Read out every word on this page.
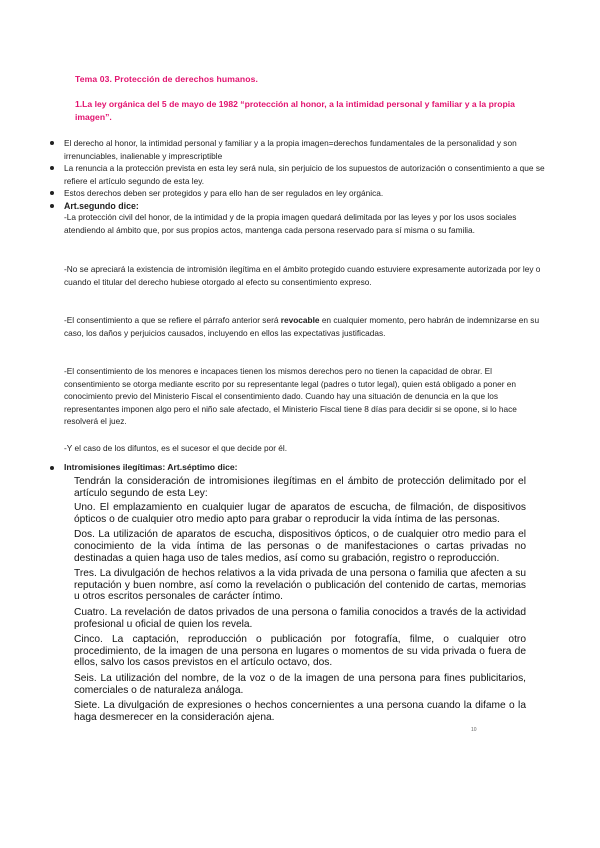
Tema 03. Protección de derechos humanos.

1.La ley orgánica del 5 de mayo de 1982 “protección al honor, a la intimidad personal y familiar y a la propia imagen”.

El derecho al honor, la intimidad personal y familiar y a la propia imagen=derechos fundamentales de la personalidad y son irrenunciables, inalienable y imprescriptible
La renuncia a la protección prevista en esta ley será nula, sin perjuicio de los supuestos de autorización o consentimiento a que se refiere el artículo segundo de esta ley.
Estos derechos deben ser protegidos y para ello han de ser regulados en ley orgánica.
Art.segundo dice:

-La protección civil del honor, de la intimidad y de la propia imagen quedará delimitada por las leyes y por los usos sociales atendiendo al ámbito que, por sus propios actos, mantenga cada persona reservado para sí misma o su familia.

-No se apreciará la existencia de intromisión ilegítima en el ámbito protegido cuando estuviere expresamente autorizada por ley o cuando el titular del derecho hubiese otorgado al efecto su consentimiento expreso.

-El consentimiento a que se refiere el párrafo anterior será revocable en cualquier momento, pero habrán de indemnizarse en su caso, los daños y perjuicios causados, incluyendo en ellos las expectativas justificadas.

-El consentimiento de los menores e incapaces tienen los mismos derechos pero no tienen la capacidad de obrar. El consentimiento se otorga mediante escrito por su representante legal (padres o tutor legal), quien está obligado a poner en conocimiento previo del Ministerio Fiscal el consentimiento dado. Cuando hay una situación de denuncia en la que los representantes imponen algo pero el niño sale afectado, el Ministerio Fiscal tiene 8 días para decidir si se opone, si lo hace resolverá el juez.

-Y el caso de los difuntos, es el sucesor el que decide por él.

Intromisiones ilegítimas: Art.séptimo dice:

Tendrán la consideración de intromisiones ilegítimas en el ámbito de protección delimitado por el artículo segundo de esta Ley:

Uno. El emplazamiento en cualquier lugar de aparatos de escucha, de filmación, de dispositivos ópticos o de cualquier otro medio apto para grabar o reproducir la vida íntima de las personas.

Dos. La utilización de aparatos de escucha, dispositivos ópticos, o de cualquier otro medio para el conocimiento de la vida íntima de las personas o de manifestaciones o cartas privadas no destinadas a quien haga uso de tales medios, así como su grabación, registro o reproducción.

Tres. La divulgación de hechos relativos a la vida privada de una persona o familia que afecten a su reputación y buen nombre, así como la revelación o publicación del contenido de cartas, memorias u otros escritos personales de carácter íntimo.

Cuatro. La revelación de datos privados de una persona o familia conocidos a través de la actividad profesional u oficial de quien los revela.

Cinco. La captación, reproducción o publicación por fotografía, filme, o cualquier otro procedimiento, de la imagen de una persona en lugares o momentos de su vida privada o fuera de ellos, salvo los casos previstos en el artículo octavo, dos.

Seis. La utilización del nombre, de la voz o de la imagen de una persona para fines publicitarios, comerciales o de naturaleza análoga.

Siete. La divulgación de expresiones o hechos concernientes a una persona cuando la difame o la haga desmerecer en la consideración ajena.

10
